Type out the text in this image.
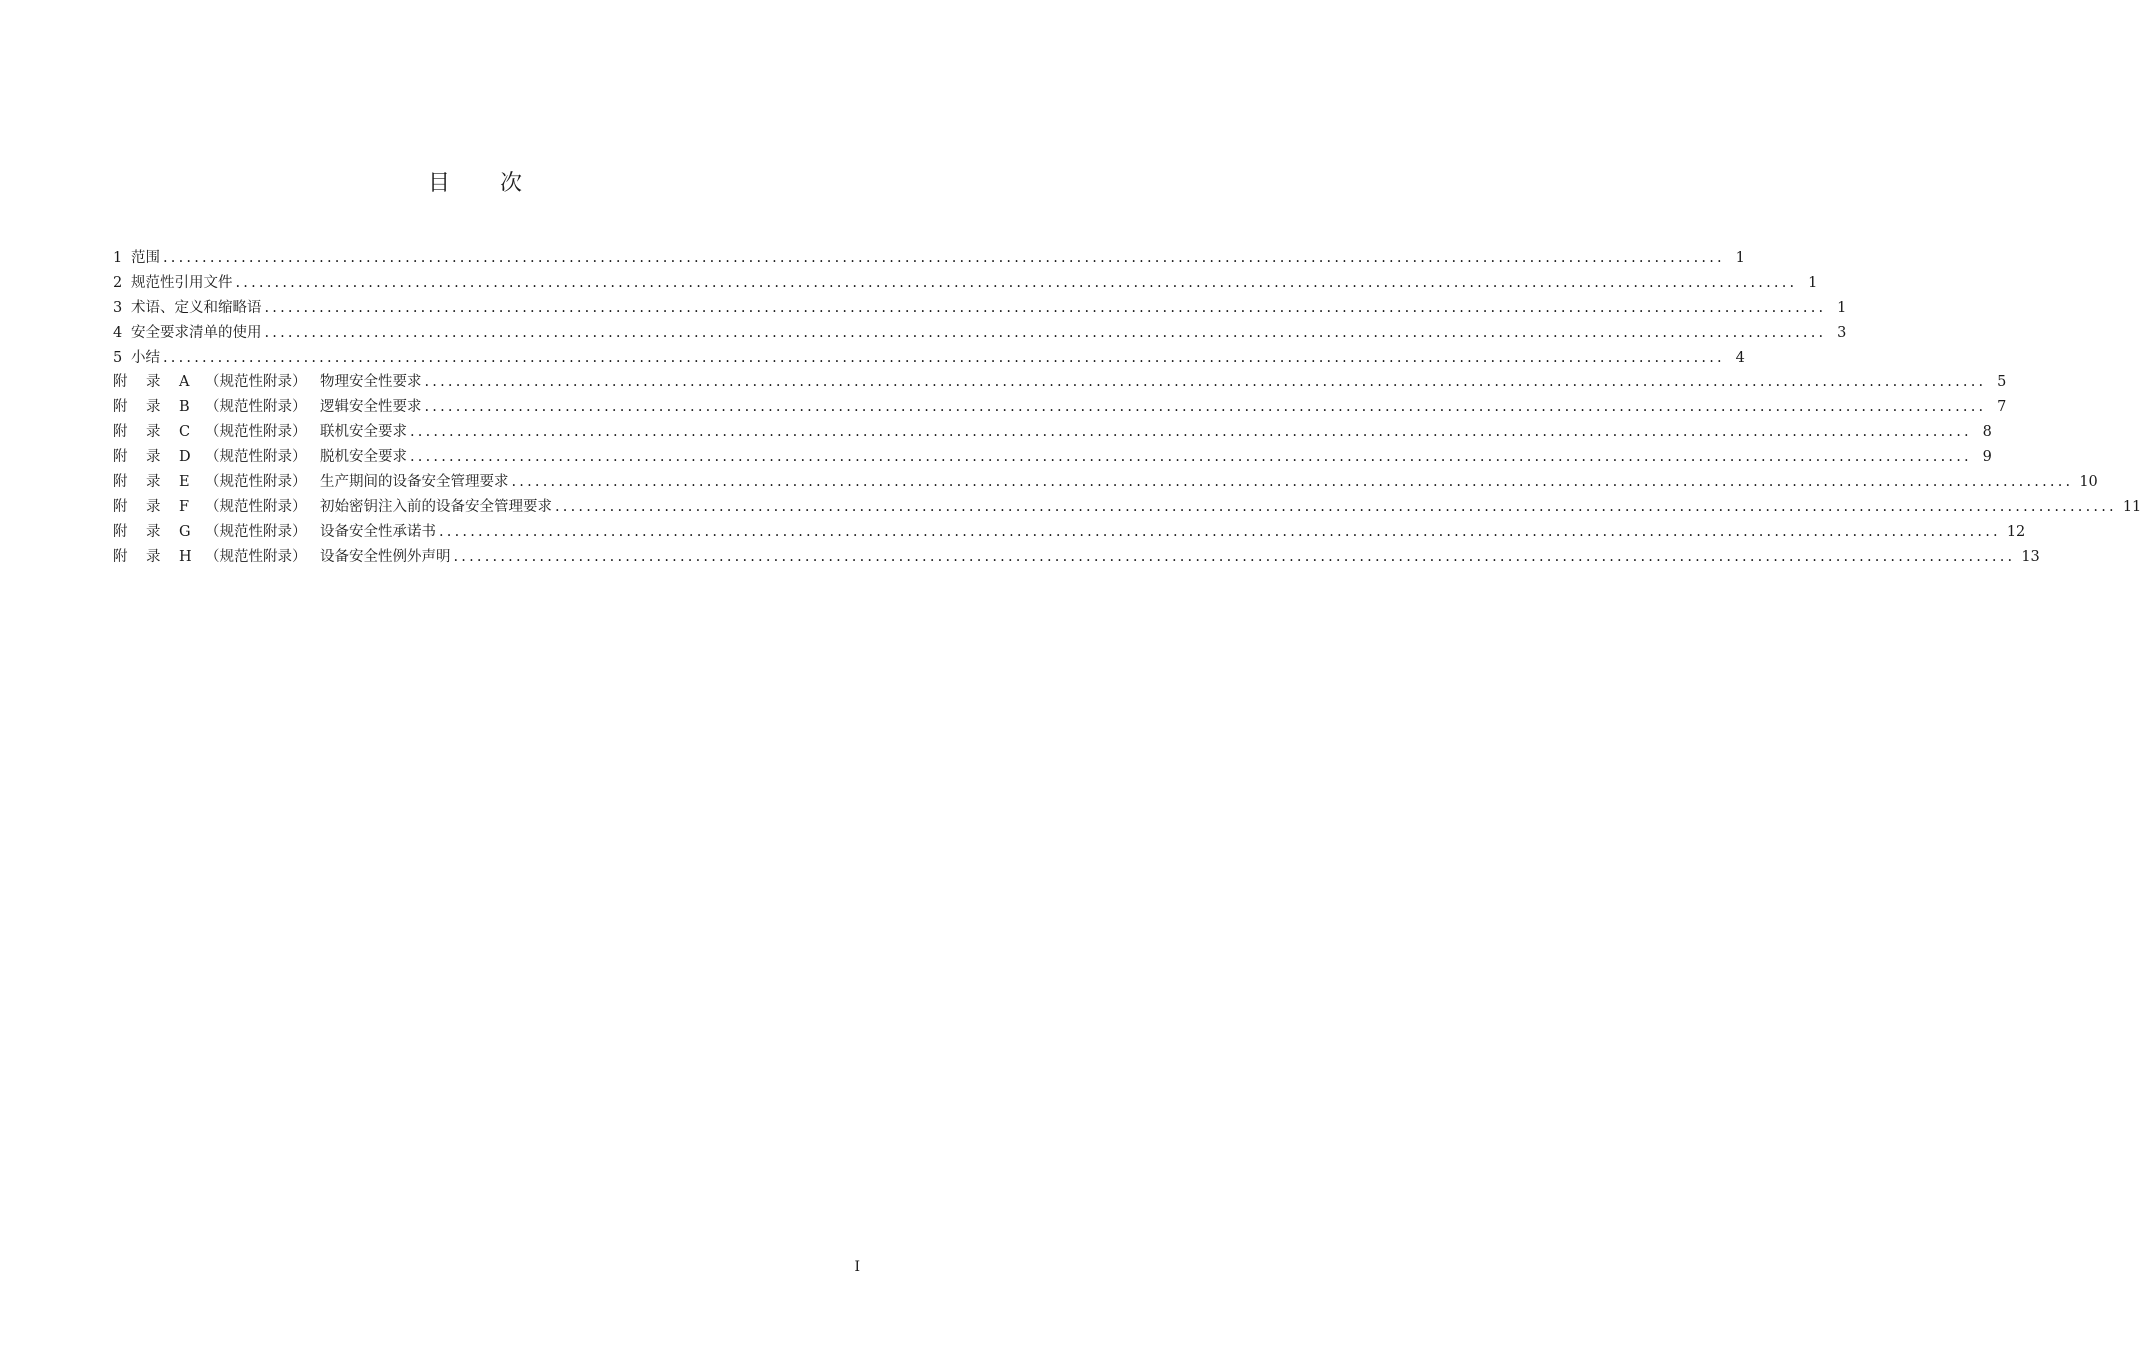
目 次
1 范围 ........................................................................................................................................................................................................ 1
2 规范性引用文件 ........................................................................................................................................................................................................ 1
3 术语、定义和缩略语 ........................................................................................................................................................................................................ 1
4 安全要求清单的使用 ........................................................................................................................................................................................................ 3
5 小结 ........................................................................................................................................................................................................ 4
附	录	A	（规范性附录） 物理安全性要求 ........................................................................................................................................................................................................ 5
附	录	B	（规范性附录） 逻辑安全性要求 ........................................................................................................................................................................................................ 7
附	录	C	（规范性附录） 联机安全要求 ........................................................................................................................................................................................................ 8
附	录	D （规范性附录） 脱机安全要求 ........................................................................................................................................................................................................ 9
附	录	E	（规范性附录） 生产期间的设备安全管理要求 ........................................................................................................................................................................................................ 10
附	录	F	（规范性附录） 初始密钥注入前的设备安全管理要求 ........................................................................................................................................................................................................ 11
附	录	G （规范性附录） 设备安全性承诺书 ........................................................................................................................................................................................................ 12
附	录	H （规范性附录） 设备安全性例外声明 ........................................................................................................................................................................................................ 13
I
